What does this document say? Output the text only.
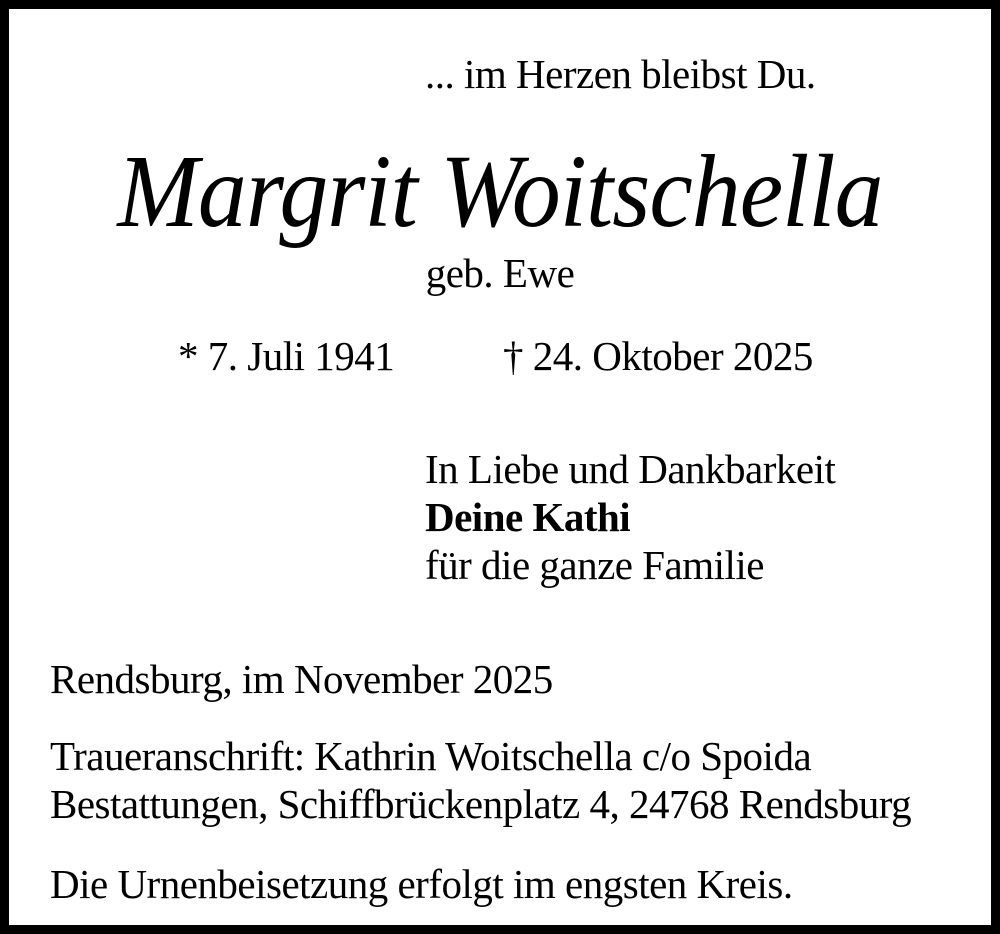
... im Herzen bleibst Du.
Margrit Woitschella
geb. Ewe
* 7. Juli 1941	† 24. Oktober 2025
In Liebe und Dankbarkeit
Deine Kathi
für die ganze Familie
Rendsburg, im November 2025
Traueranschrift: Kathrin Woitschella c/o Spoida
Bestattungen, Schiffbrückenplatz 4, 24768 Rendsburg
Die Urnenbeisetzung erfolgt im engsten Kreis.
